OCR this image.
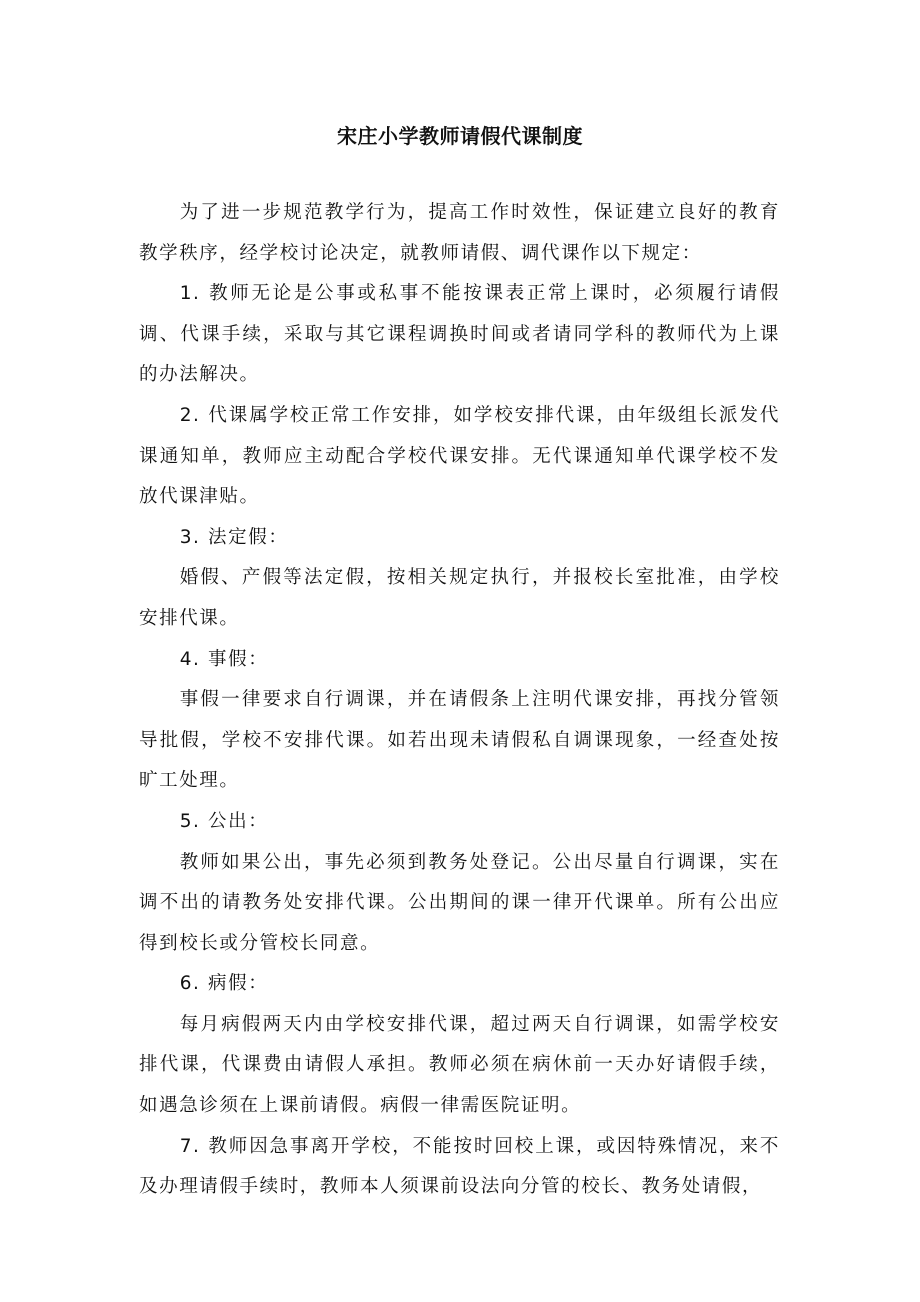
宋庄小学教师请假代课制度

为了进一步规范教学行为，提高工作时效性，保证建立良好的教育教学秩序，经学校讨论决定，就教师请假、调代课作以下规定：

1. 教师无论是公事或私事不能按课表正常上课时，必须履行请假调、代课手续，采取与其它课程调换时间或者请同学科的教师代为上课的办法解决。

2. 代课属学校正常工作安排，如学校安排代课，由年级组长派发代课通知单，教师应主动配合学校代课安排。无代课通知单代课学校不发放代课津贴。

3. 法定假：

婚假、产假等法定假，按相关规定执行，并报校长室批准，由学校安排代课。

4. 事假：

事假一律要求自行调课，并在请假条上注明代课安排，再找分管领导批假，学校不安排代课。如若出现未请假私自调课现象，一经查处按旷工处理。

5. 公出：

教师如果公出，事先必须到教务处登记。公出尽量自行调课，实在调不出的请教务处安排代课。公出期间的课一律开代课单。所有公出应得到校长或分管校长同意。

6. 病假：

每月病假两天内由学校安排代课，超过两天自行调课，如需学校安排代课，代课费由请假人承担。教师必须在病休前一天办好请假手续，如遇急诊须在上课前请假。病假一律需医院证明。

7. 教师因急事离开学校，不能按时回校上课，或因特殊情况，来不及办理请假手续时，教师本人须课前设法向分管的校长、教务处请假，
